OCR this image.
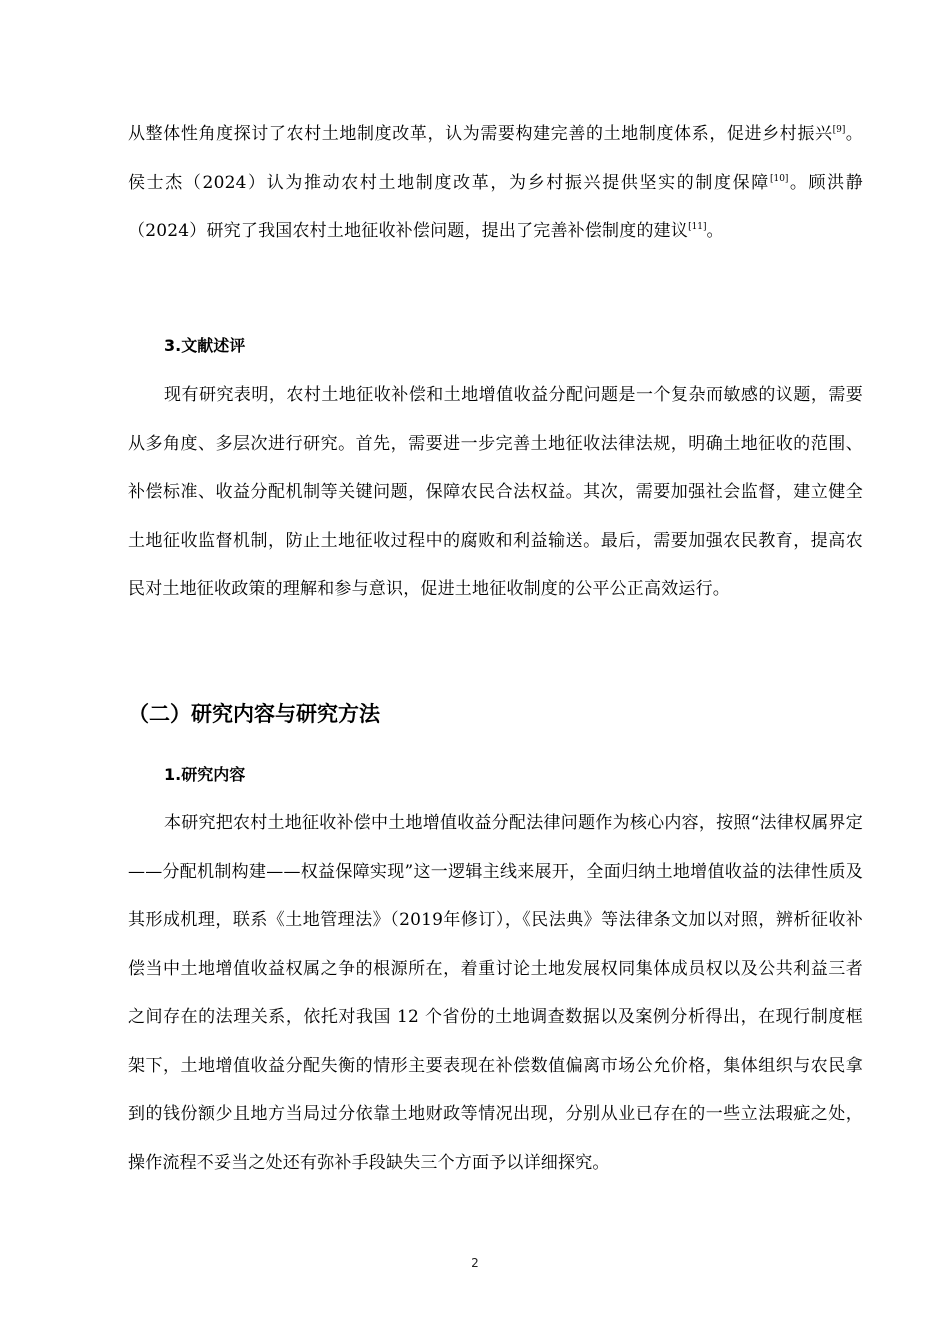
从整体性角度探讨了农村土地制度改革，认为需要构建完善的土地制度体系，促进乡村振兴[9]。侯士杰（2024）认为推动农村土地制度改革，为乡村振兴提供坚实的制度保障[10]。顾洪静（2024）研究了我国农村土地征收补偿问题，提出了完善补偿制度的建议[11]。

3.文献述评

现有研究表明，农村土地征收补偿和土地增值收益分配问题是一个复杂而敏感的议题，需要从多角度、多层次进行研究。首先，需要进一步完善土地征收法律法规，明确土地征收的范围、补偿标准、收益分配机制等关键问题，保障农民合法权益。其次，需要加强社会监督，建立健全土地征收监督机制，防止土地征收过程中的腐败和利益输送。最后，需要加强农民教育，提高农民对土地征收政策的理解和参与意识，促进土地征收制度的公平公正高效运行。

（二）研究内容与研究方法
1.研究内容

本研究把农村土地征收补偿中土地增值收益分配法律问题作为核心内容，按照“法律权属界定——分配机制构建——权益保障实现”这一逻辑主线来展开，全面归纳土地增值收益的法律性质及其形成机理，联系《土地管理法》（2019年修订），《民法典》等法律条文加以对照，辨析征收补偿当中土地增值收益权属之争的根源所在，着重讨论土地发展权同集体成员权以及公共利益三者之间存在的法理关系，依托对我国 12 个省份的土地调查数据以及案例分析得出，在现行制度框架下，土地增值收益分配失衡的情形主要表现在补偿数值偏离市场公允价格，集体组织与农民拿到的钱份额少且地方当局过分依靠土地财政等情况出现，分别从业已存在的一些立法瑕疵之处，操作流程不妥当之处还有弥补手段缺失三个方面予以详细探究。

2
